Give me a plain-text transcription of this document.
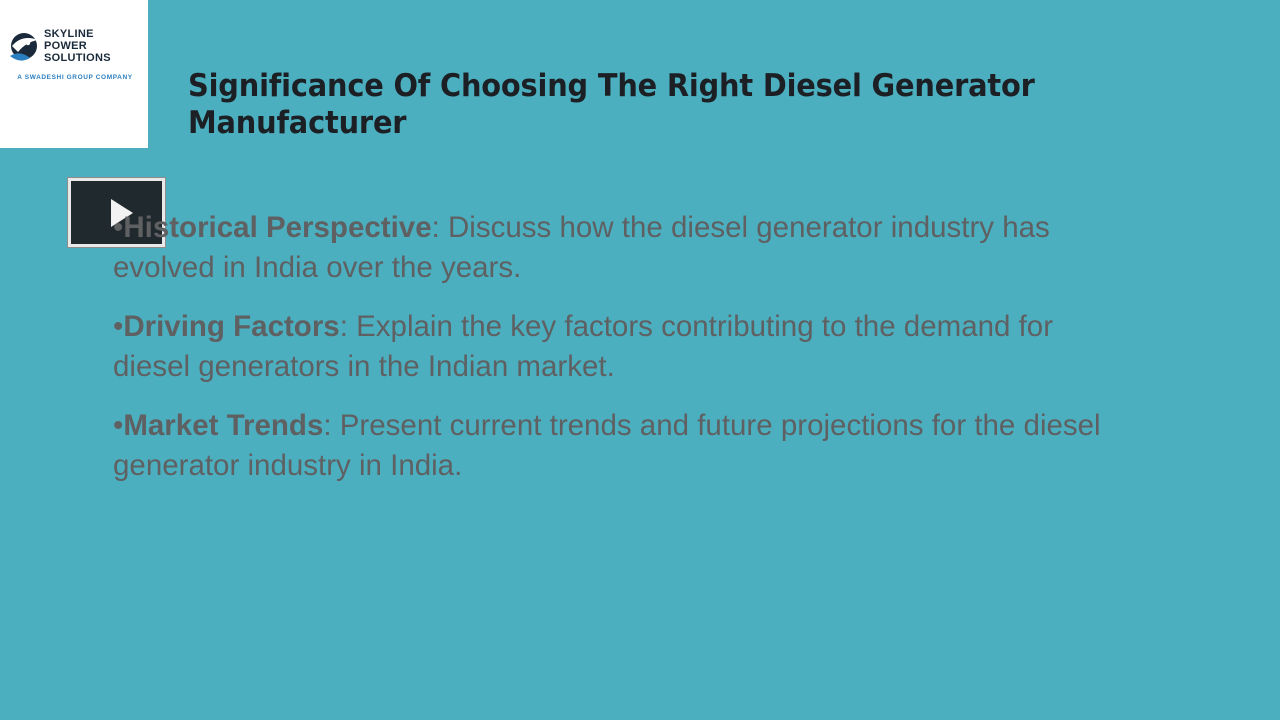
SKYLINE POWER
SOLUTIONS
A SWADESHI GROUP COMPANY Significance Of Choosing The Right Diesel Generator Manufacturer

•Historical Perspective: Discuss how the diesel generator industry has evolved in India over the years.

•Driving Factors: Explain the key factors contributing to the demand for diesel generators in the Indian market.

•Market Trends: Present current trends and future projections for the diesel generator industry in India.
